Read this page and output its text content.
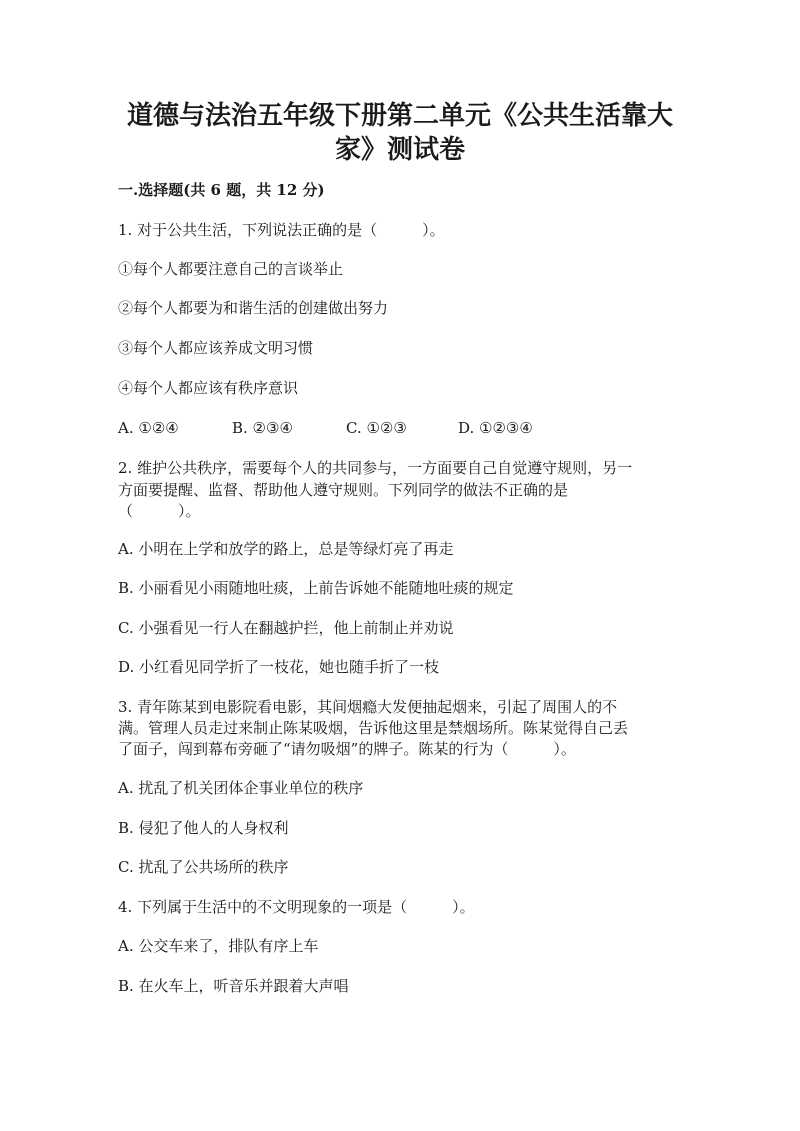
道德与法治五年级下册第二单元《公共生活靠大
家》测试卷
一.选择题(共 6 题，共 12 分)
1. 对于公共生活，下列说法正确的是（　　　）。
①每个人都要注意自己的言谈举止
②每个人都要为和谐生活的创建做出努力
③每个人都应该养成文明习惯
④每个人都应该有秩序意识
A. ①②④	B. ②③④	C. ①②③	D. ①②③④
2. 维护公共秩序，需要每个人的共同参与，一方面要自己自觉遵守规则，另一
方面要提醒、监督、帮助他人遵守规则。下列同学的做法不正确的是
（　　　）。
A. 小明在上学和放学的路上，总是等绿灯亮了再走
B. 小丽看见小雨随地吐痰，上前告诉她不能随地吐痰的规定
C. 小强看见一行人在翻越护拦，他上前制止并劝说
D. 小红看见同学折了一枝花，她也随手折了一枝
3. 青年陈某到电影院看电影，其间烟瘾大发便抽起烟来，引起了周围人的不
满。管理人员走过来制止陈某吸烟，告诉他这里是禁烟场所。陈某觉得自己丢
了面子，闯到幕布旁砸了“请勿吸烟”的牌子。陈某的行为（　　　）。
A. 扰乱了机关团体企事业单位的秩序
B. 侵犯了他人的人身权利
C. 扰乱了公共场所的秩序
4. 下列属于生活中的不文明现象的一项是（　　　）。
A. 公交车来了，排队有序上车
B. 在火车上，听音乐并跟着大声唱
